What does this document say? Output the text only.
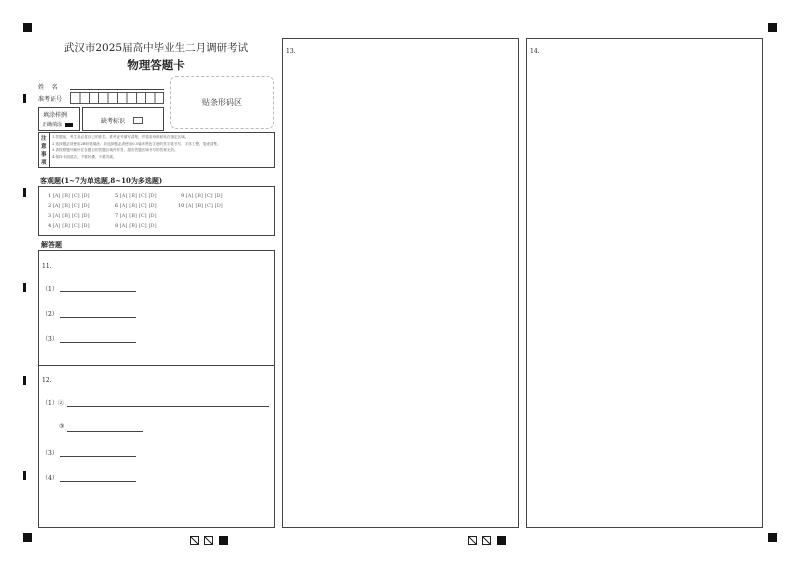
武汉市2025届高中毕业生二月调研考试
物理答题卡
姓    名
准考证号
填涂样例
正确填涂	缺考标识
贴条形码区
注意事项
1.答题前，考生务必将自己的姓名、准考证号填写清楚，并将条形码粘贴在指定区域。
2.选择题必须使用2B铅笔填涂；非选择题必须使用0.5毫米黑色字迹的签字笔书写，字体工整，笔迹清楚。
3.请按照题号顺序在各题目的答题区域内作答，超出答题区域书写的答案无效。
4.保持卡面清洁，不要折叠，不要弄破。
客观题(1~7为单选题,8~10为多选题)
1 [A] [B] [C] [D]
2 [A] [B] [C] [D]
3 [A] [B] [C] [D]
4 [A] [B] [C] [D]
5 [A] [B] [C] [D]
6 [A] [B] [C] [D]
7 [A] [B] [C] [D]
8 [A] [B] [C] [D]
9 [A] [B] [C] [D]
10 [A] [B] [C] [D]
解答题
11.
（1）
（2）
（3）
12.
（1）②
③
（3）
（4）
13.	14.
